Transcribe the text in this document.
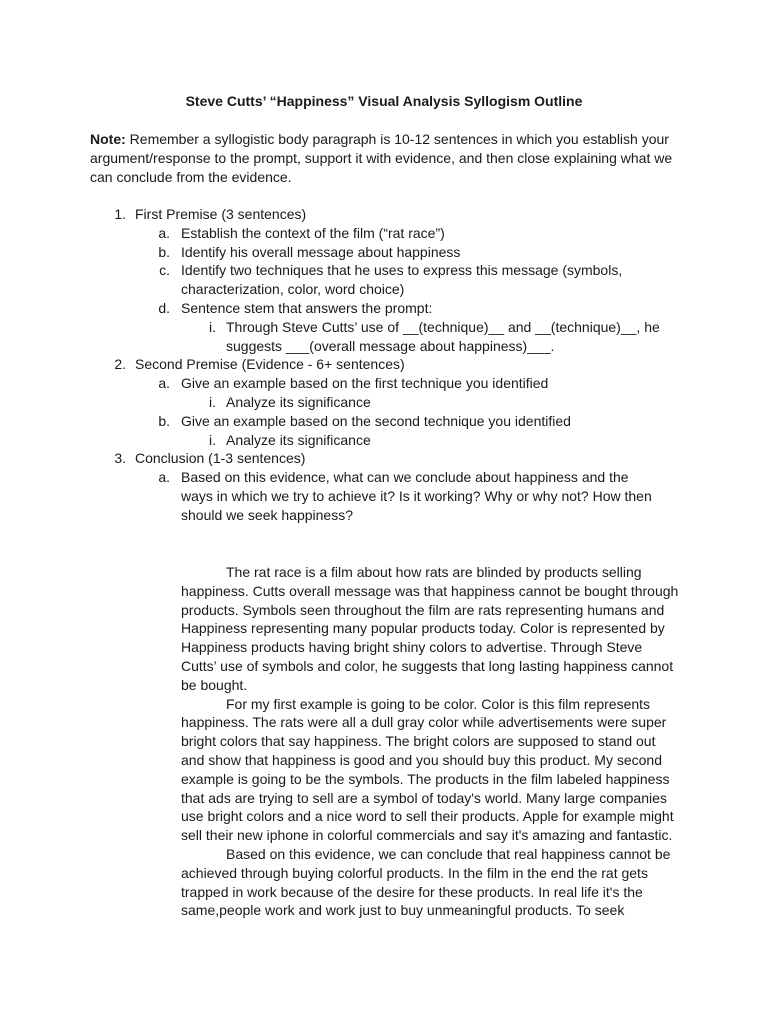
Steve Cutts’ “Happiness” Visual Analysis Syllogism Outline

Note: Remember a syllogistic body paragraph is 10-12 sentences in which you establish your argument/response to the prompt, support it with evidence, and then close explaining what we can conclude from the evidence.

1. First Premise (3 sentences)
a. Establish the context of the film (“rat race”)
b. Identify his overall message about happiness
c. Identify two techniques that he uses to express this message (symbols, characterization, color, word choice)
d. Sentence stem that answers the prompt:
i. Through Steve Cutts’ use of __(technique)__ and __(technique)__, he suggests ___(overall message about happiness)___.
2. Second Premise (Evidence - 6+ sentences)
a. Give an example based on the first technique you identified
i. Analyze its significance
b. Give an example based on the second technique you identified
i. Analyze its significance
3. Conclusion (1-3 sentences)
a. Based on this evidence, what can we conclude about happiness and the ways in which we try to achieve it? Is it working? Why or why not? How then should we seek happiness?

The rat race is a film about how rats are blinded by products selling happiness. Cutts overall message was that happiness cannot be bought through products. Symbols seen throughout the film are rats representing humans and Happiness representing many popular products today. Color is represented by Happiness products having bright shiny colors to advertise. Through Steve Cutts’ use of symbols and color, he suggests that long lasting happiness cannot be bought.

For my first example is going to be color. Color is this film represents happiness. The rats were all a dull gray color while advertisements were super bright colors that say happiness. The bright colors are supposed to stand out and show that happiness is good and you should buy this product. My second example is going to be the symbols. The products in the film labeled happiness that ads are trying to sell are a symbol of today's world. Many large companies use bright colors and a nice word to sell their products. Apple for example might sell their new iphone in colorful commercials and say it's amazing and fantastic.

Based on this evidence, we can conclude that real happiness cannot be achieved through buying colorful products. In the film in the end the rat gets trapped in work because of the desire for these products. In real life it's the same,people work and work just to buy unmeaningful products. To seek
